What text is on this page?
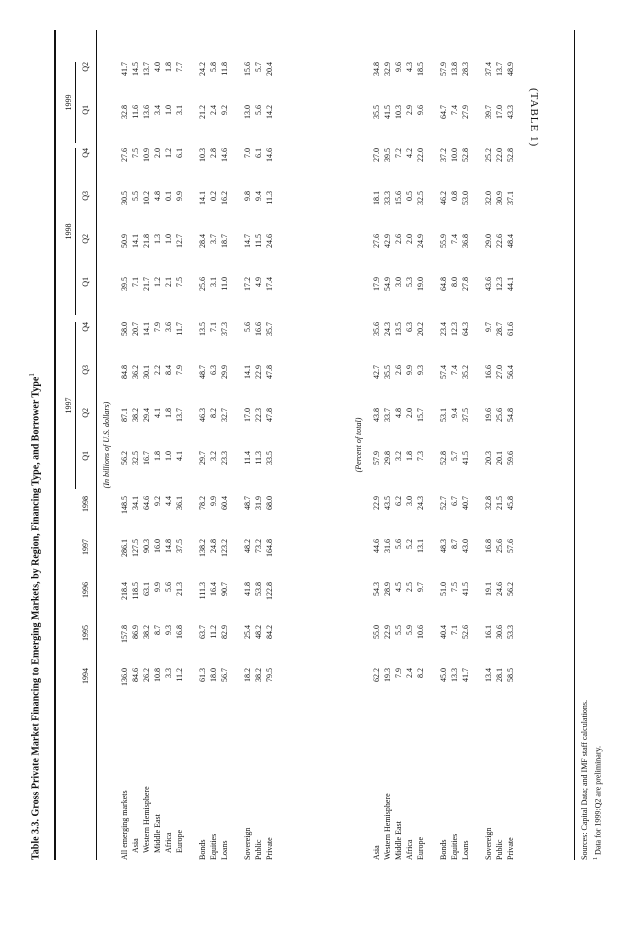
(TABLE 1)
Table 3.3. Gross Private Market Financing to Emerging Markets, by Region, Financing Type, and Borrower Type$^1$
1997
1998
1999
1994
1995
1996
1997
1998
Q1
Q2
Q3
Q4
Q1
Q2
Q3
Q4
Q1
Q2
(In billions of U.S. dollars)
All emerging markets
136.0
157.8
218.4
286.1
148.5
56.2
87.1
84.8
58.0
39.5
50.9
30.5
27.6
32.8
41.7
Asia
84.6
86.9
118.5
127.5
34.1
32.5
38.2
36.2
20.7
7.1
14.1
5.5
7.5
11.6
14.5
Western Hemisphere
26.2
38.2
63.1
90.3
64.6
16.7
29.4
30.1
14.1
21.7
21.8
10.2
10.9
13.6
13.7
Middle East
10.8
8.7
9.9
16.0
9.2
1.8
4.1
2.2
7.9
1.2
1.3
4.8
2.0
3.4
4.0
Africa
3.3
9.3
5.6
14.8
4.4
1.0
1.8
8.4
3.6
2.1
1.0
0.1
1.2
1.0
1.8
Europe
11.2
16.8
21.3
37.5
36.1
4.1
13.7
7.9
11.7
7.5
12.7
9.9
6.1
3.1
7.7
Bonds
61.3
63.7
111.3
138.2
78.2
29.7
46.3
48.7
13.5
25.6
28.4
14.1
10.3
21.2
24.2
Equities
18.0
11.2
16.4
24.8
9.9
3.2
8.2
6.3
7.1
3.1
3.7
0.2
2.8
2.4
5.8
Loans
56.7
82.9
90.7
123.2
60.4
23.3
32.7
29.9
37.3
11.0
18.7
16.2
14.6
9.2
11.8
Sovereign
18.2
25.4
41.8
48.2
48.7
11.4
17.0
14.1
5.6
17.2
14.7
9.8
7.0
13.0
15.6
Public
38.2
48.2
53.8
73.2
31.9
11.3
22.3
22.9
16.6
4.9
11.5
9.4
6.1
5.6
5.7
Private
79.5
84.2
122.8
164.8
68.0
33.5
47.8
47.8
35.7
17.4
24.6
11.3
14.6
14.2
20.4
(Percent of total)
Asia
62.2
55.0
54.3
44.6
22.9
57.9
43.8
42.7
35.6
17.9
27.6
18.1
27.0
35.5
34.8
Western Hemisphere
19.3
22.9
28.9
31.6
43.5
29.8
33.7
35.5
24.3
54.9
42.9
33.3
39.5
41.5
32.9
Middle East
7.9
5.5
4.5
5.6
6.2
3.2
4.8
2.6
13.5
3.0
2.6
15.6
7.2
10.3
9.6
Africa
2.4
5.9
2.5
5.2
3.0
1.8
2.0
9.9
6.3
5.3
2.0
0.5
4.2
2.9
4.3
Europe
8.2
10.6
9.7
13.1
24.3
7.3
15.7
9.3
20.2
19.0
24.9
32.5
22.0
9.6
18.5
Bonds
45.0
40.4
51.0
48.3
52.7
52.8
53.1
57.4
23.4
64.8
55.9
46.2
37.2
64.7
57.9
Equities
13.3
7.1
7.5
8.7
6.7
5.7
9.4
7.4
12.3
8.0
7.4
0.8
10.0
7.4
13.8
Loans
41.7
52.6
41.5
43.0
40.7
41.5
37.5
35.2
64.3
27.8
36.8
53.0
52.8
27.9
28.3
Sovereign
13.4
16.1
19.1
16.8
32.8
20.3
19.6
16.6
9.7
43.6
29.0
32.0
25.2
39.7
37.4
Public
28.1
30.6
24.6
25.6
21.5
20.1
25.6
27.0
28.7
12.3
22.6
30.9
22.0
17.0
13.7
Private
58.5
53.3
56.2
57.6
45.8
59.6
54.8
56.4
61.6
44.1
48.4
37.1
52.8
43.3
48.9
Sources: Capital Data; and IMF staff calculations. $^1$ Data for 1999:Q2 are preliminary.
